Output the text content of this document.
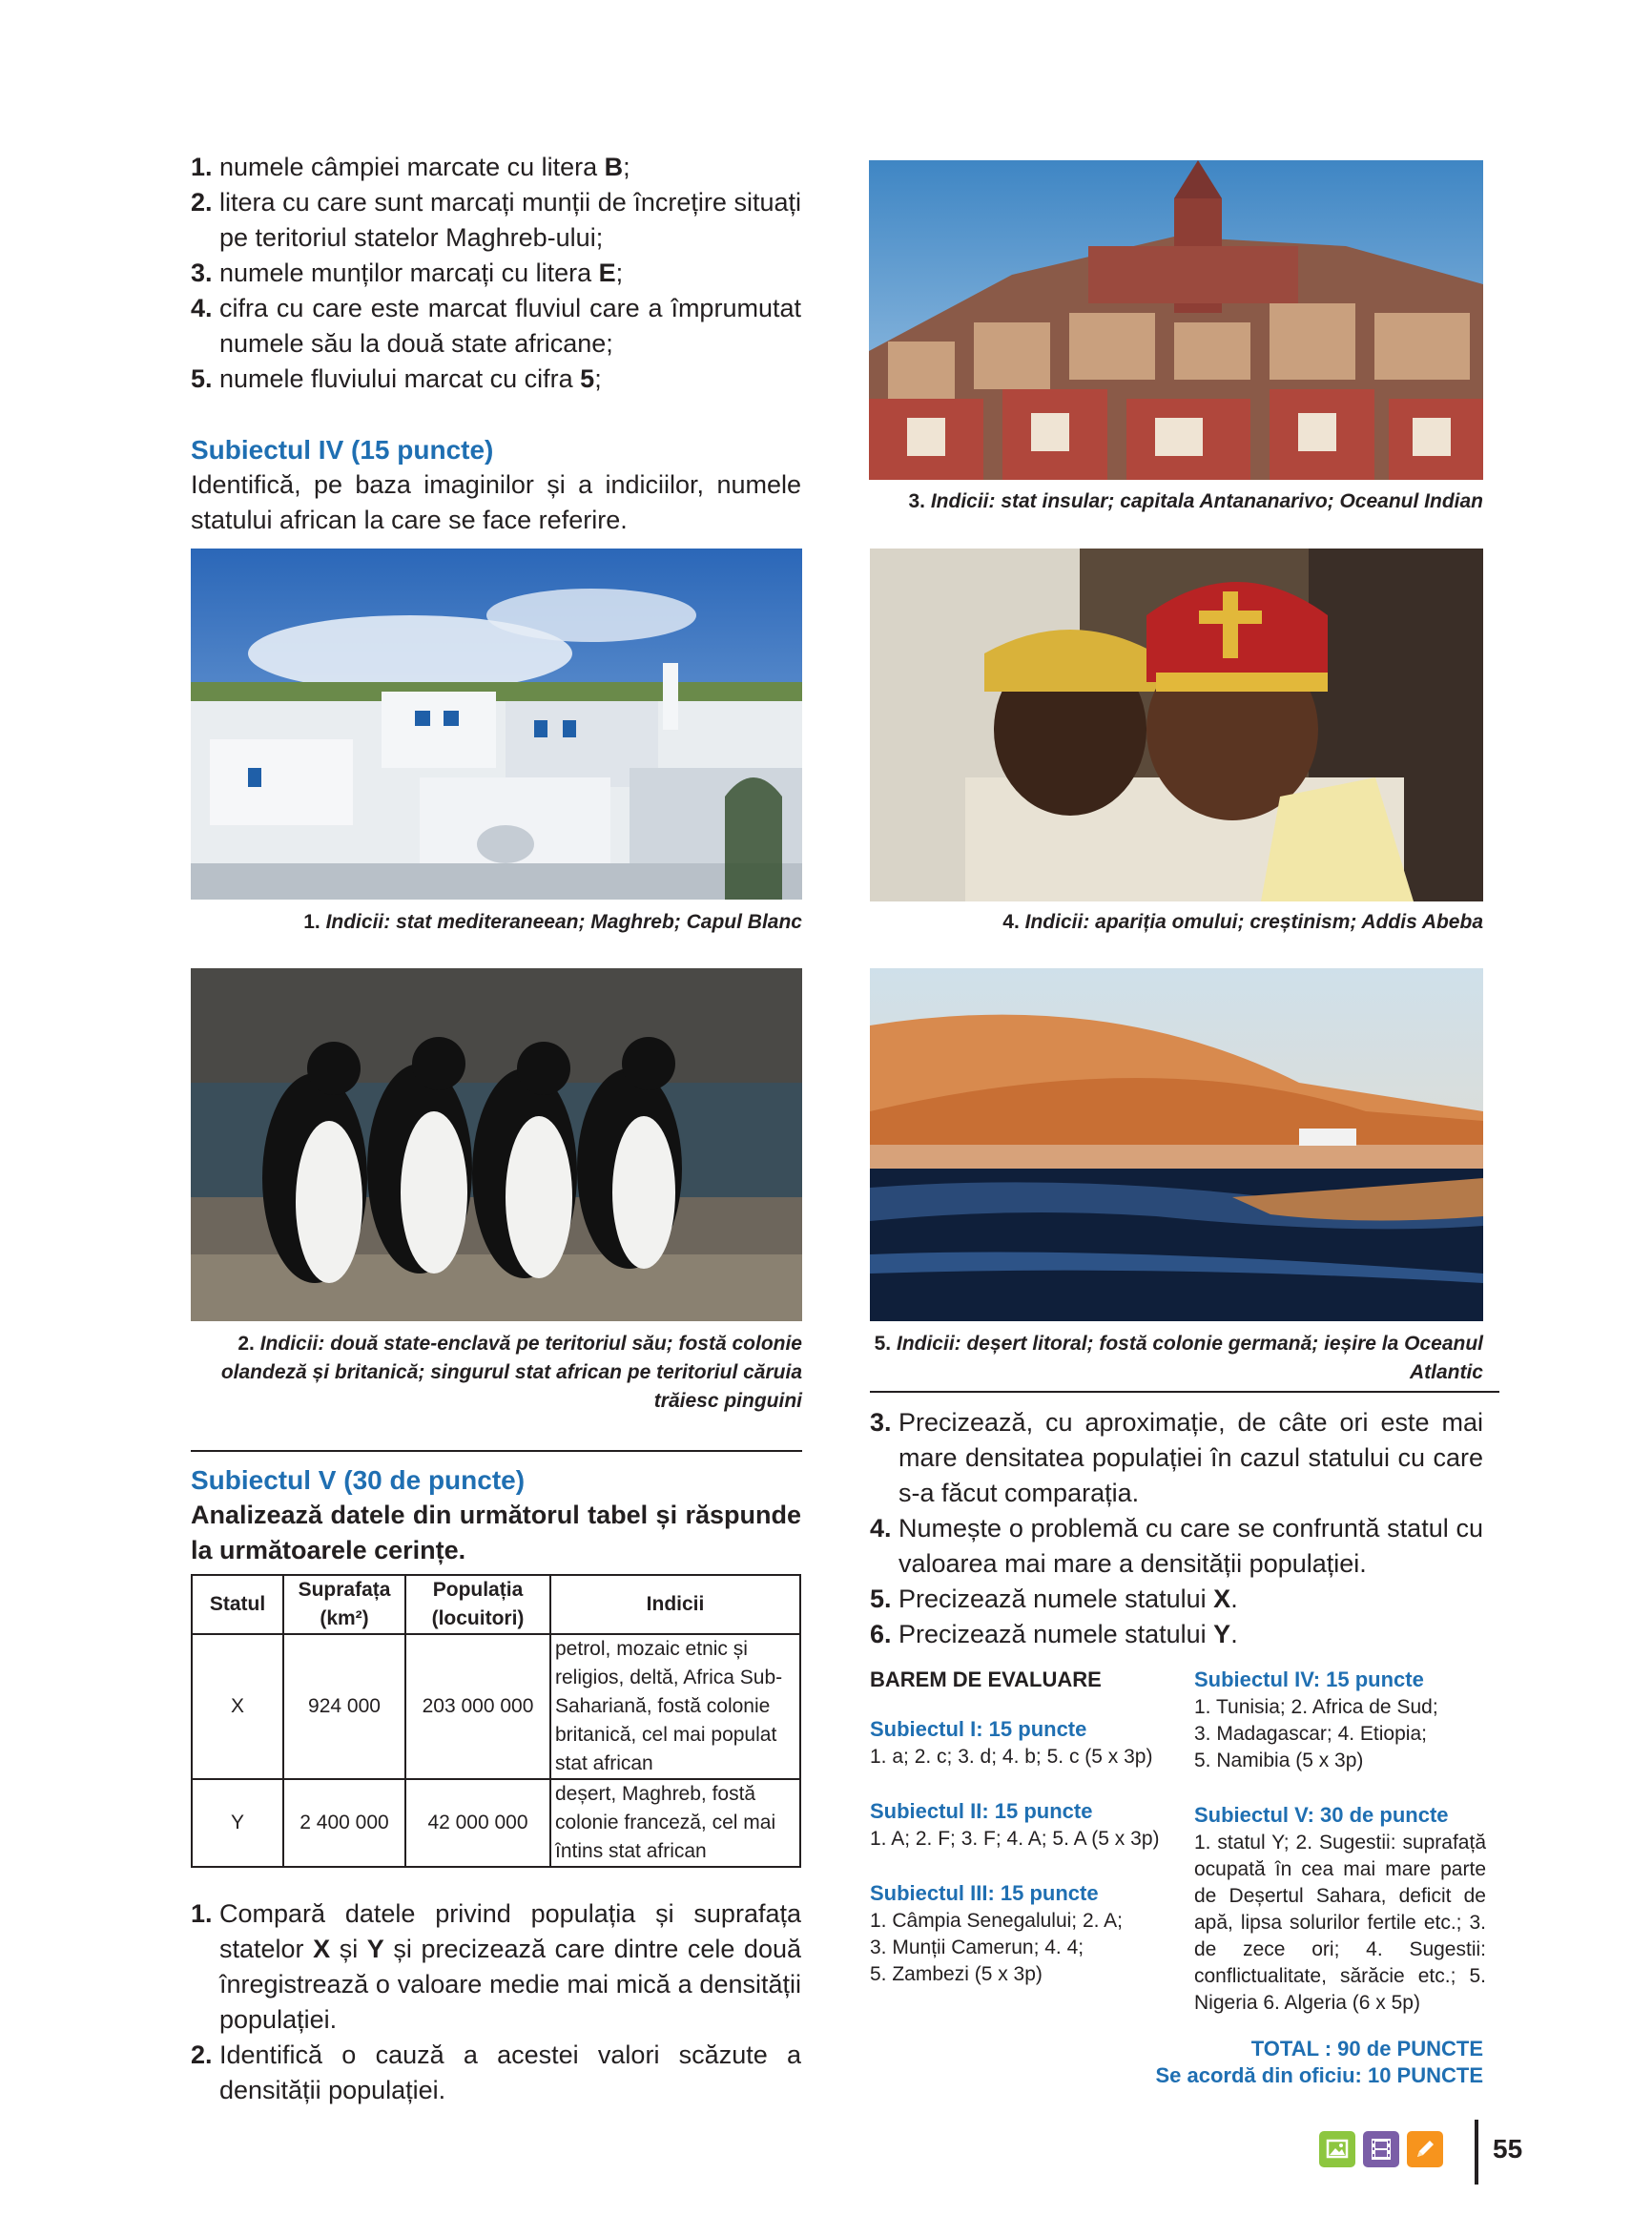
1. numele câmpiei marcate cu litera B;
2. litera cu care sunt marcați munții de încrețire situați pe teritoriul statelor Maghreb-ului;
3. numele munților marcați cu litera E;
4. cifra cu care este marcat fluviul care a împrumutat numele său la două state africane;
5. numele fluviului marcat cu cifra 5;
Subiectul IV (15 puncte)
Identifică, pe baza imaginilor și a indiciilor, numele statului african la care se face referire.
1. Indicii: stat mediteraneean; Maghreb; Capul Blanc
2. Indicii: două state-enclavă pe teritoriul său; fostă colonie olandeză și britanică; singurul stat african pe teritoriul căruia trăiesc pinguini
Subiectul V (30 de puncte)
Analizează datele din următorul tabel și răspunde la următoarele cerințe.
Statul	Suprafața (km²)	Populația (locuitori)	Indicii
X	924 000	203 000 000	petrol, mozaic etnic și religios, deltă, Africa Sub-Sahariană, fostă colonie britanică, cel mai populat stat african
Y	2 400 000	42 000 000	deșert, Maghreb, fostă colonie franceză, cel mai întins stat african
1. Compară datele privind populația și suprafața statelor X și Y și precizează care dintre cele două înregistrează o valoare medie mai mică a densității populației.
2. Identifică o cauză a acestei valori scăzute a densității populației.
3. Indicii: stat insular; capitala Antananarivo; Oceanul Indian
4. Indicii: apariția omului; creștinism; Addis Abeba
5. Indicii: deșert litoral; fostă colonie germană; ieșire la Oceanul Atlantic
3. Precizează, cu aproximație, de câte ori este mai mare densitatea populației în cazul statului cu care s-a făcut comparația.
4. Numește o problemă cu care se confruntă statul cu valoarea mai mare a densității populației.
5. Precizează numele statului X.
6. Precizează numele statului Y.
BAREM DE EVALUARE
Subiectul I: 15 puncte
1. a; 2. c; 3. d; 4. b; 5. c (5 x 3p)
Subiectul II: 15 puncte
1. A; 2. F; 3. F; 4. A; 5. A (5 x 3p)
Subiectul III: 15 puncte
1. Câmpia Senegalului; 2. A;
3. Munții Camerun; 4. 4;
5. Zambezi (5 x 3p)
Subiectul IV: 15 puncte
1. Tunisia; 2. Africa de Sud;
3. Madagascar; 4. Etiopia;
5. Namibia (5 x 3p)
Subiectul V: 30 de puncte
1. statul Y; 2. Sugestii: suprafață ocupată în cea mai mare parte de Deșertul Sahara, deficit de apă, lipsa solurilor fertile etc.; 3. de zece ori; 4. Sugestii: conflictualitate, sărăcie etc.; 5. Nigeria 6. Algeria (6 x 5p)
TOTAL : 90 de PUNCTE
Se acordă din oficiu: 10 PUNCTE
55
